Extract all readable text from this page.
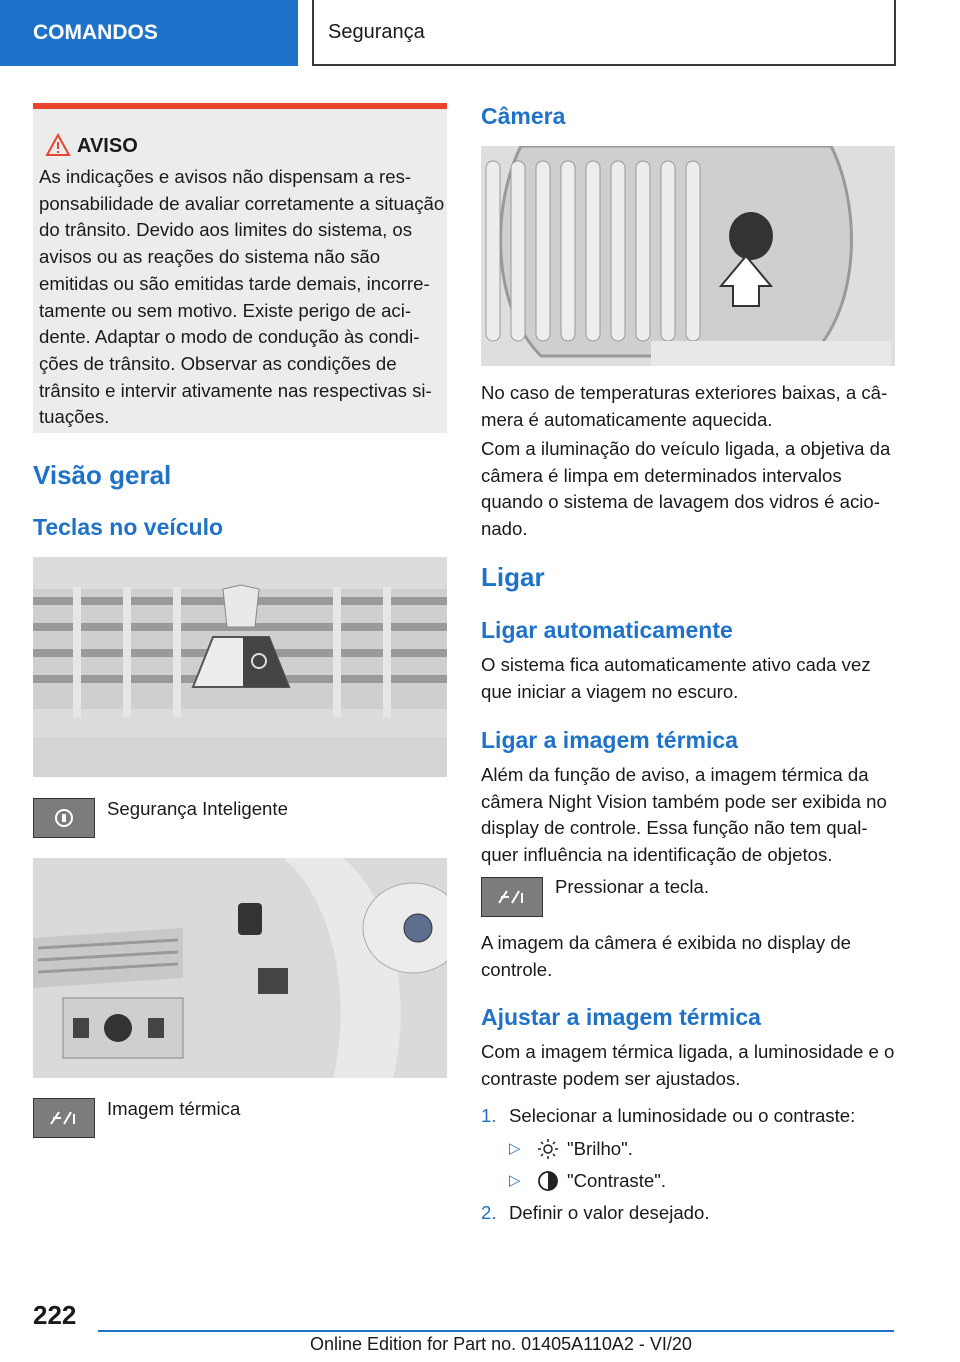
COMANDOS	Segurança
AVISO
As indicações e avisos não dispensam a responsabilidade de avaliar corretamente a situação do trânsito. Devido aos limites do sistema, os avisos ou as reações do sistema não são emitidas ou são emitidas tarde demais, incorretamente ou sem motivo. Existe perigo de acidente. Adaptar o modo de condução às condições de trânsito. Observar as condições de trânsito e intervir ativamente nas respectivas situações.
Visão geral
Teclas no veículo
Segurança Inteligente
Imagem térmica
Câmera
No caso de temperaturas exteriores baixas, a câmera é automaticamente aquecida.
Com a iluminação do veículo ligada, a objetiva da câmera é limpa em determinados intervalos quando o sistema de lavagem dos vidros é acionado.
Ligar
Ligar automaticamente
O sistema fica automaticamente ativo cada vez que iniciar a viagem no escuro.
Ligar a imagem térmica
Além da função de aviso, a imagem térmica da câmera Night Vision também pode ser exibida no display de controle. Essa função não tem qualquer influência na identificação de objetos.
Pressionar a tecla.
A imagem da câmera é exibida no display de controle.
Ajustar a imagem térmica
Com a imagem térmica ligada, a luminosidade e o contraste podem ser ajustados.
1. Selecionar a luminosidade ou o contraste:
▷ "Brilho".
▷ "Contraste".
2. Definir o valor desejado.
222
Online Edition for Part no. 01405A110A2 - VI/20
